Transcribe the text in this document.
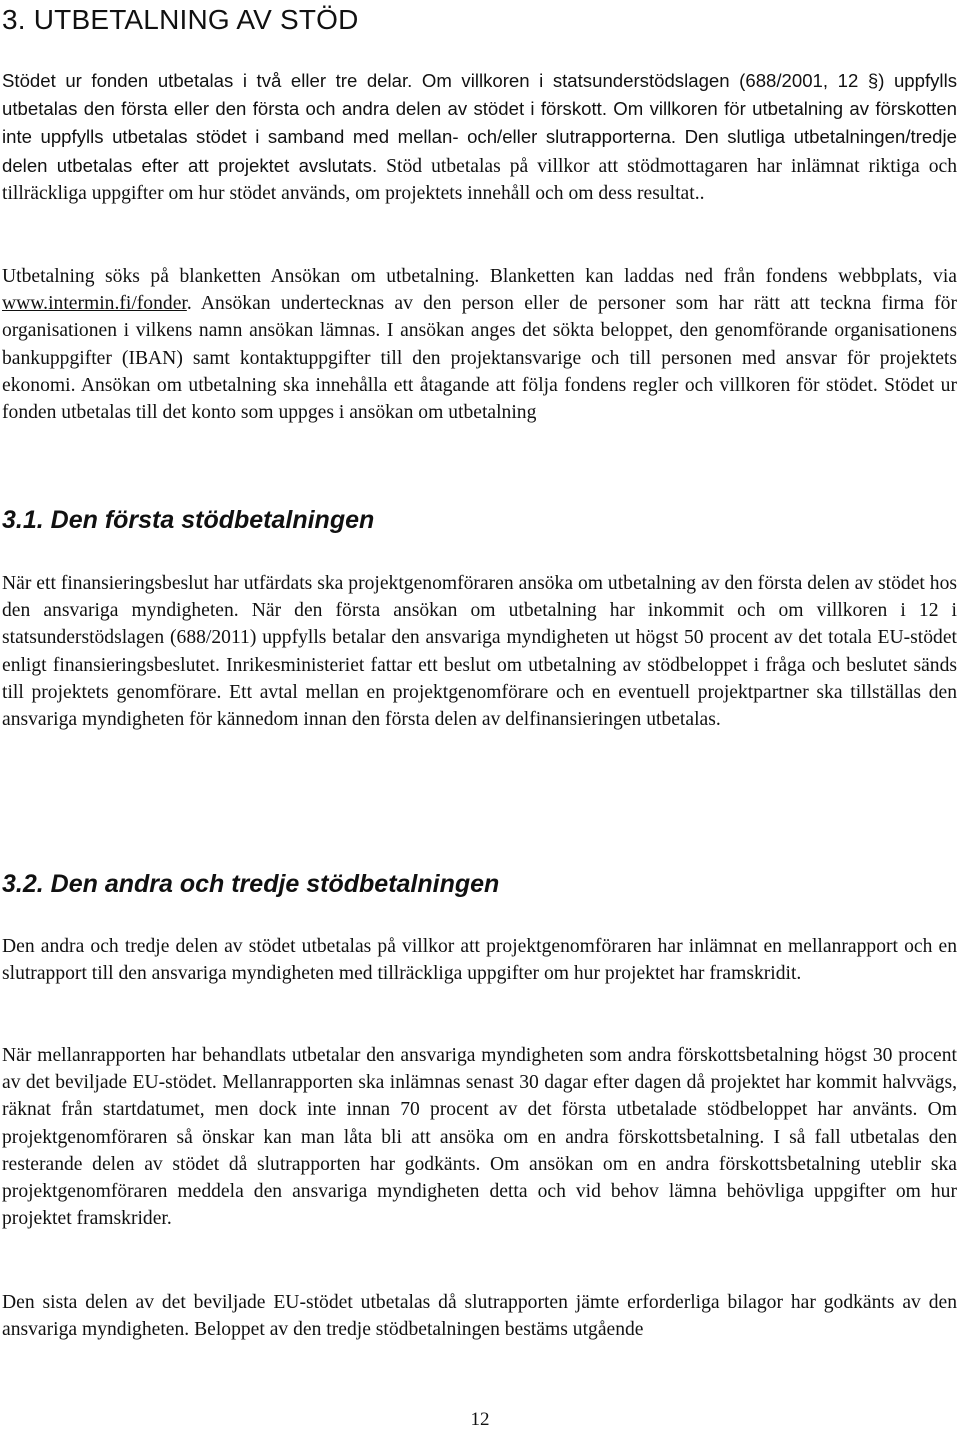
3. UTBETALNING AV STÖD

Stödet ur fonden utbetalas i två eller tre delar. Om villkoren i statsunderstödslagen (688/2001, 12 §) uppfylls utbetalas den första eller den första och andra delen av stödet i förskott. Om villkoren för utbetalning av förskotten inte uppfylls utbetalas stödet i samband med mellan- och/eller slutrapporterna. Den slutliga utbetalningen/tredje delen utbetalas efter att projektet avslutats. Stöd utbetalas på villkor att stödmottagaren har inlämnat riktiga och tillräckliga uppgifter om hur stödet används, om projektets innehåll och om dess resultat..

Utbetalning söks på blanketten Ansökan om utbetalning. Blanketten kan laddas ned från fondens webbplats, via www.intermin.fi/fonder. Ansökan undertecknas av den person eller de personer som har rätt att teckna firma för organisationen i vilkens namn ansökan lämnas. I ansökan anges det sökta beloppet, den genomförande organisationens bankuppgifter (IBAN) samt kontaktuppgifter till den projektansvarige och till personen med ansvar för projektets ekonomi. Ansökan om utbetalning ska innehålla ett åtagande att följa fondens regler och villkoren för stödet. Stödet ur fonden utbetalas till det konto som uppges i ansökan om utbetalning

3.1. Den första stödbetalningen

När ett finansieringsbeslut har utfärdats ska projektgenomföraren ansöka om utbetalning av den första delen av stödet hos den ansvariga myndigheten. När den första ansökan om utbetalning har inkommit och om villkoren i 12 i statsunderstödslagen (688/2011) uppfylls betalar den ansvariga myndigheten ut högst 50 procent av det totala EU-stödet enligt finansieringsbeslutet. Inrikesministeriet fattar ett beslut om utbetalning av stödbeloppet i fråga och beslutet sänds till projektets genomförare. Ett avtal mellan en projektgenomförare och en eventuell projektpartner ska tillställas den ansvariga myndigheten för kännedom innan den första delen av delfinansieringen utbetalas.

3.2. Den andra och tredje stödbetalningen

Den andra och tredje delen av stödet utbetalas på villkor att projektgenomföraren har inlämnat en mellanrapport och en slutrapport till den ansvariga myndigheten med tillräckliga uppgifter om hur projektet har framskridit.

När mellanrapporten har behandlats utbetalar den ansvariga myndigheten som andra förskottsbetalning högst 30 procent av det beviljade EU-stödet. Mellanrapporten ska inlämnas senast 30 dagar efter dagen då projektet har kommit halvvägs, räknat från startdatumet, men dock inte innan 70 procent av det första utbetalade stödbeloppet har använts. Om projektgenomföraren så önskar kan man låta bli att ansöka om en andra förskottsbetalning. I så fall utbetalas den resterande delen av stödet då slutrapporten har godkänts. Om ansökan om en andra förskottsbetalning uteblir ska projektgenomföraren meddela den ansvariga myndigheten detta och vid behov lämna behövliga uppgifter om hur projektet framskrider.

Den sista delen av det beviljade EU-stödet utbetalas då slutrapporten jämte erforderliga bilagor har godkänts av den ansvariga myndigheten. Beloppet av den tredje stödbetalningen bestäms utgående

12
